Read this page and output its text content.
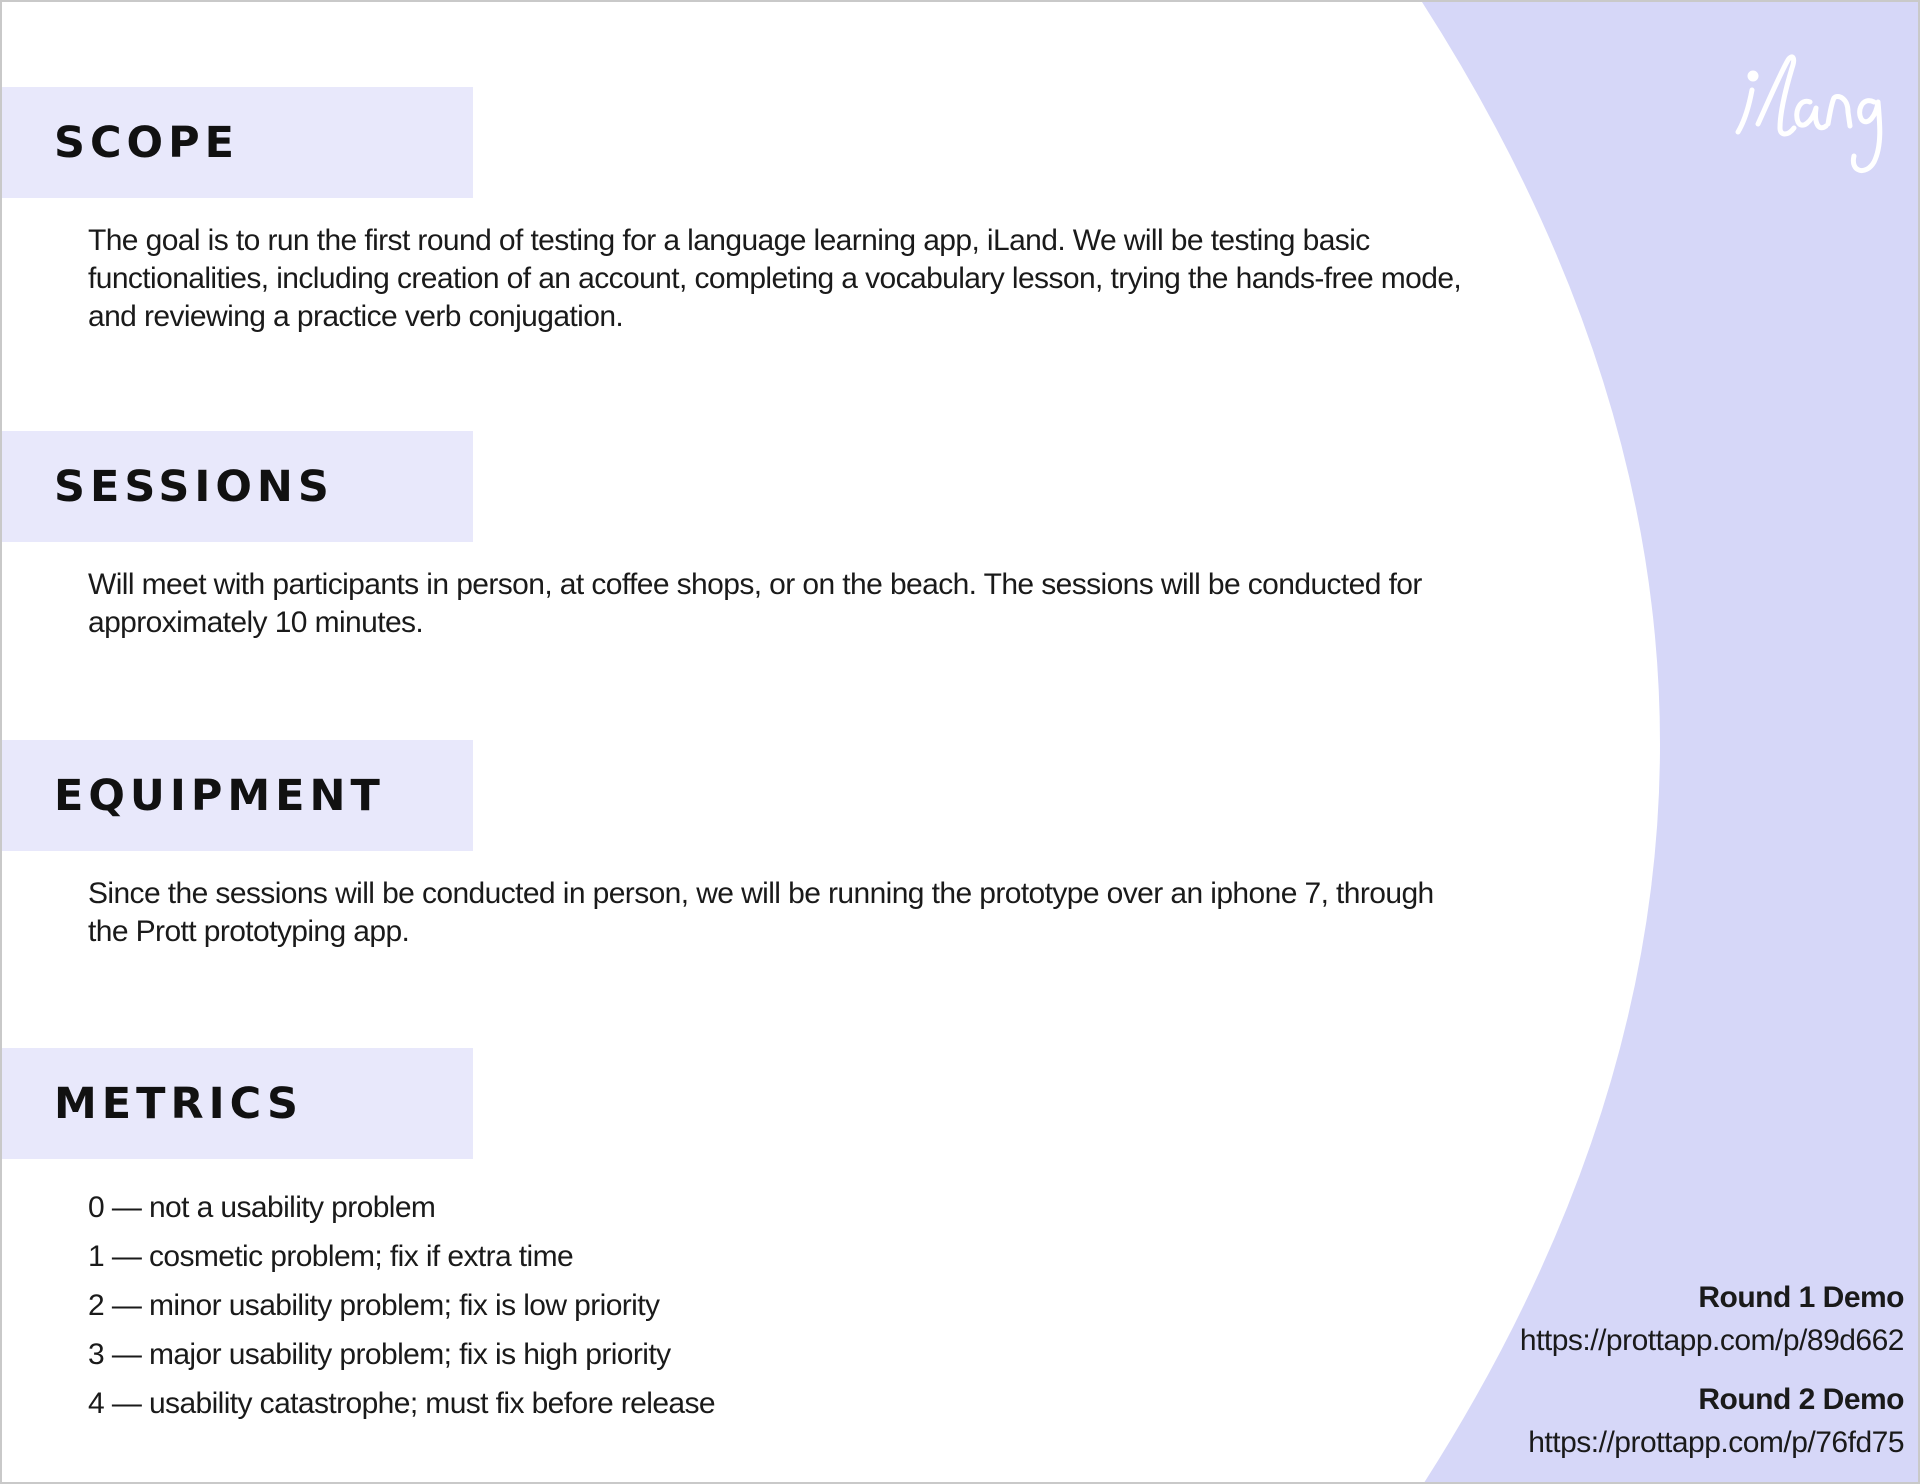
SCOPE

The goal is to run the first round of testing for a language learning app, iLand. We will be testing basic functionalities, including creation of an account, completing a vocabulary lesson, trying the hands-free mode, and reviewing a practice verb conjugation.

SESSIONS

Will meet with participants in person, at coffee shops, or on the beach. The sessions will be conducted for approximately 10 minutes.

EQUIPMENT

Since the sessions will be conducted in person, we will be running the prototype over an iphone 7, through the Prott prototyping app.

METRICS
0 — not a usability problem
1 — cosmetic problem; fix if extra time
2 — minor usability problem; fix is low priority
3 — major usability problem; fix is high priority
4 — usability catastrophe; must fix before release
Round 1 Demo
https://prottapp.com/p/89d662
Round 2 Demo
https://prottapp.com/p/76fd75
